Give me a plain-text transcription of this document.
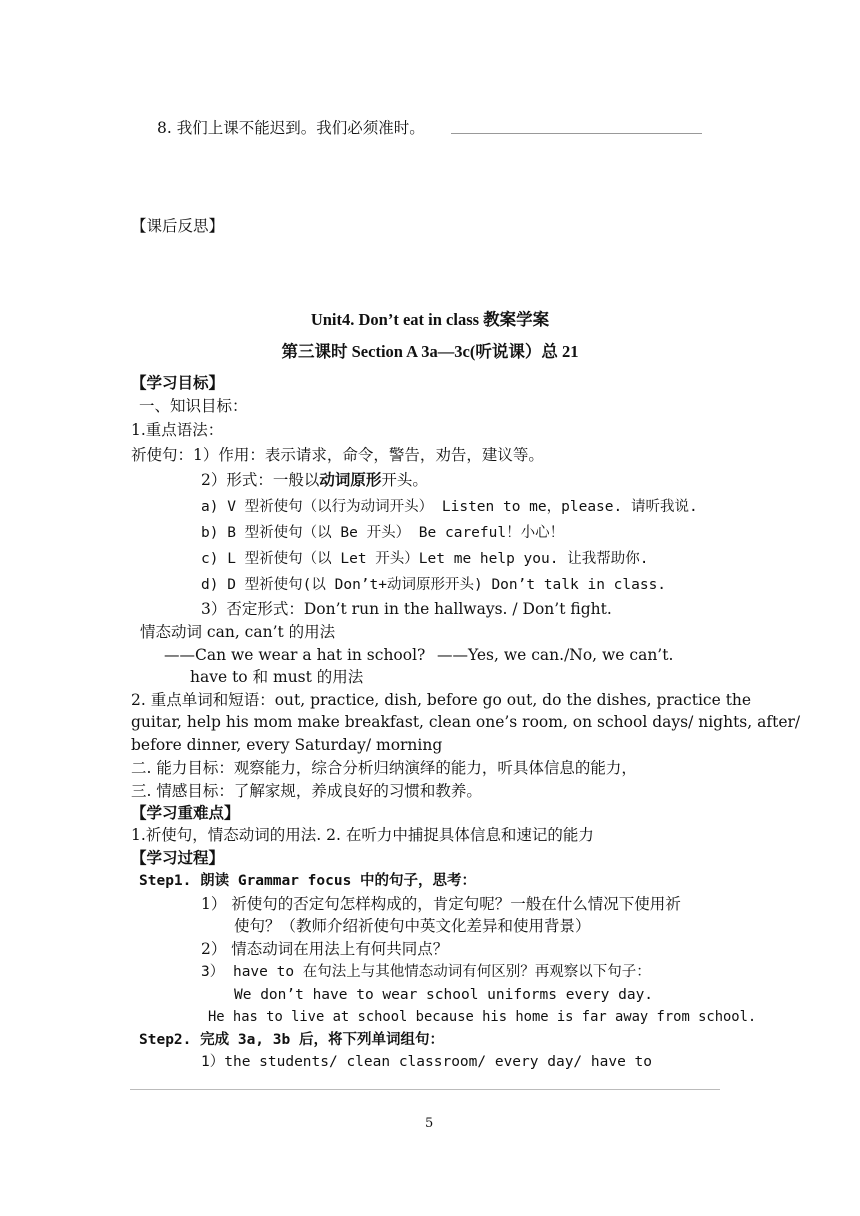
8. 我们上课不能迟到。我们必须准时。
【课后反思】
Unit4. Don’t eat in class 教案学案
第三课时 Section A 3a—3c(听说课）总 21
【学习目标】
一、知识目标：
1.重点语法：
祈使句：1）作用：表示请求，命令，警告，劝告，建议等。
2）形式：一般以动词原形开头。
a) V 型祈使句（以行为动词开头） Listen to me，please. 请听我说.
b) B 型祈使句（以 Be 开头） Be careful！小心！
c) L 型祈使句（以 Let 开头）Let me help you. 让我帮助你.
d) D 型祈使句(以 Don’t+动词原形开头) Don’t talk in class.
3）否定形式：Don’t run in the hallways. / Don’t fight.
情态动词 can, can’t 的用法
——Can we wear a hat in school? ——Yes, we can./No, we can’t.
have to 和 must 的用法
2. 重点单词和短语：out, practice, dish, before go out, do the dishes, practice the
guitar, help his mom make breakfast, clean one’s room, on school days/ nights, after/
before dinner, every Saturday/ morning
二. 能力目标：观察能力，综合分析归纳演绎的能力，听具体信息的能力，
三. 情感目标：了解家规，养成良好的习惯和教养。
【学习重难点】
1.祈使句，情态动词的用法. 2. 在听力中捕捉具体信息和速记的能力
【学习过程】
Step1. 朗读 Grammar focus 中的句子，思考：
1） 祈使句的否定句怎样构成的，肯定句呢？一般在什么情况下使用祈
使句？（教师介绍祈使句中英文化差异和使用背景）
2） 情态动词在用法上有何共同点？
3） have to 在句法上与其他情态动词有何区别？再观察以下句子：
We don’t have to wear school uniforms every day.
He has to live at school because his home is far away from school.
Step2. 完成 3a, 3b 后，将下列单词组句：
1）the students/ clean classroom/ every day/ have to
5
